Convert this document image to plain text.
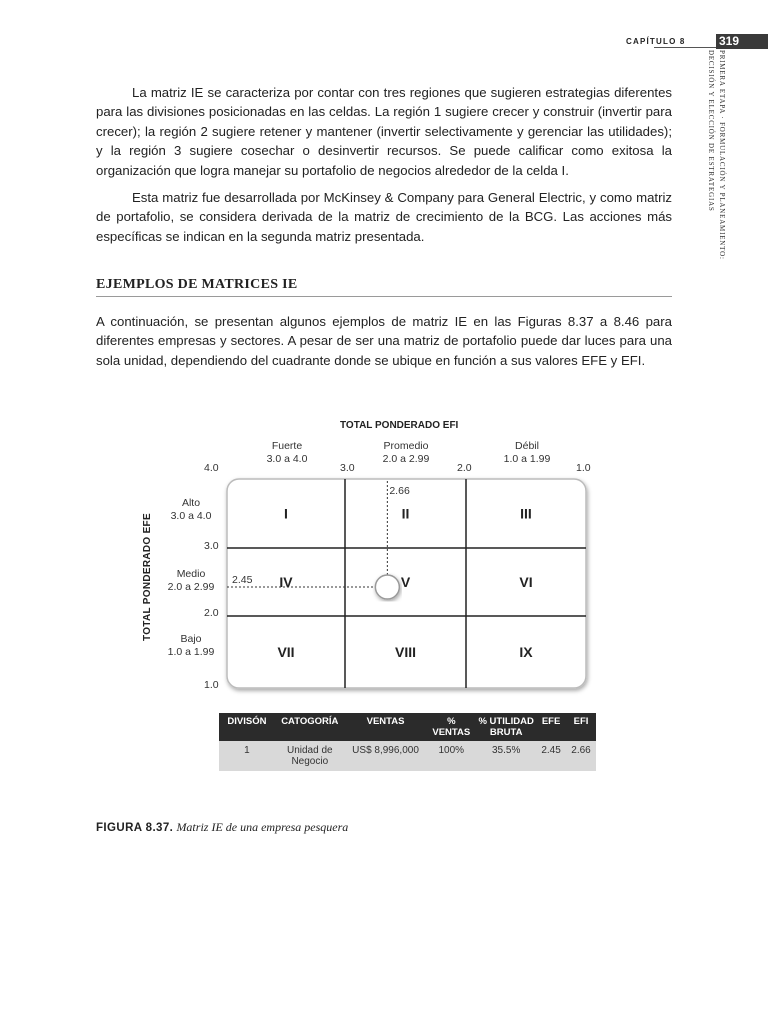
CAPÍTULO 8	319
PRIMERA ETAPA · FORMULACIÓN Y PLANEAMIENTO:
DECISIÓN Y ELECCIÓN DE ESTRATEGIAS

La matriz IE se caracteriza por contar con tres regiones que sugieren estrategias diferentes para las divisiones posicionadas en las celdas. La región 1 sugiere crecer y construir (invertir para crecer); la región 2 sugiere retener y mantener (invertir selectivamente y gerenciar las utilidades); y la región 3 sugiere cosechar o desinvertir recursos. Se puede calificar como exitosa la organización que logra manejar su portafolio de negocios alrededor de la celda I.

Esta matriz fue desarrollada por McKinsey & Company para General Electric, y como matriz de portafolio, se considera derivada de la matriz de crecimiento de la BCG. Las acciones más específicas se indican en la segunda matriz presentada.

EJEMPLOS DE MATRICES IE

A continuación, se presentan algunos ejemplos de matriz IE en las Figuras 8.37 a 8.46 para diferentes empresas y sectores. A pesar de ser una matriz de portafolio puede dar luces para una sola unidad, dependiendo del cuadrante donde se ubique en función a sus valores EFE y EFI.

TOTAL PONDERADO EFI
Fuerte
3.0 a 4.0
Promedio
2.0 a 2.99
Débil
1.0 a 1.99
4.0	3.0	2.0	1.0
Alto
3.0 a 4.0
Medio
2.0 a 2.99
Bajo
1.0 a 1.99
3.0
2.0
1.0
TOTAL PONDERADO EFE	I	II	III
IV	V	VI
VII	VIII	IX
2.66
2.45
DIVISÓN	CATOGORÍA	VENTAS	% VENTAS	% UTILIDAD BRUTA	EFE	EFI
1	Unidad de Negocio	US$ 8,996,000	100%	35.5%	2.45	2.66
FIGURA 8.37. Matriz IE de una empresa pesquera
